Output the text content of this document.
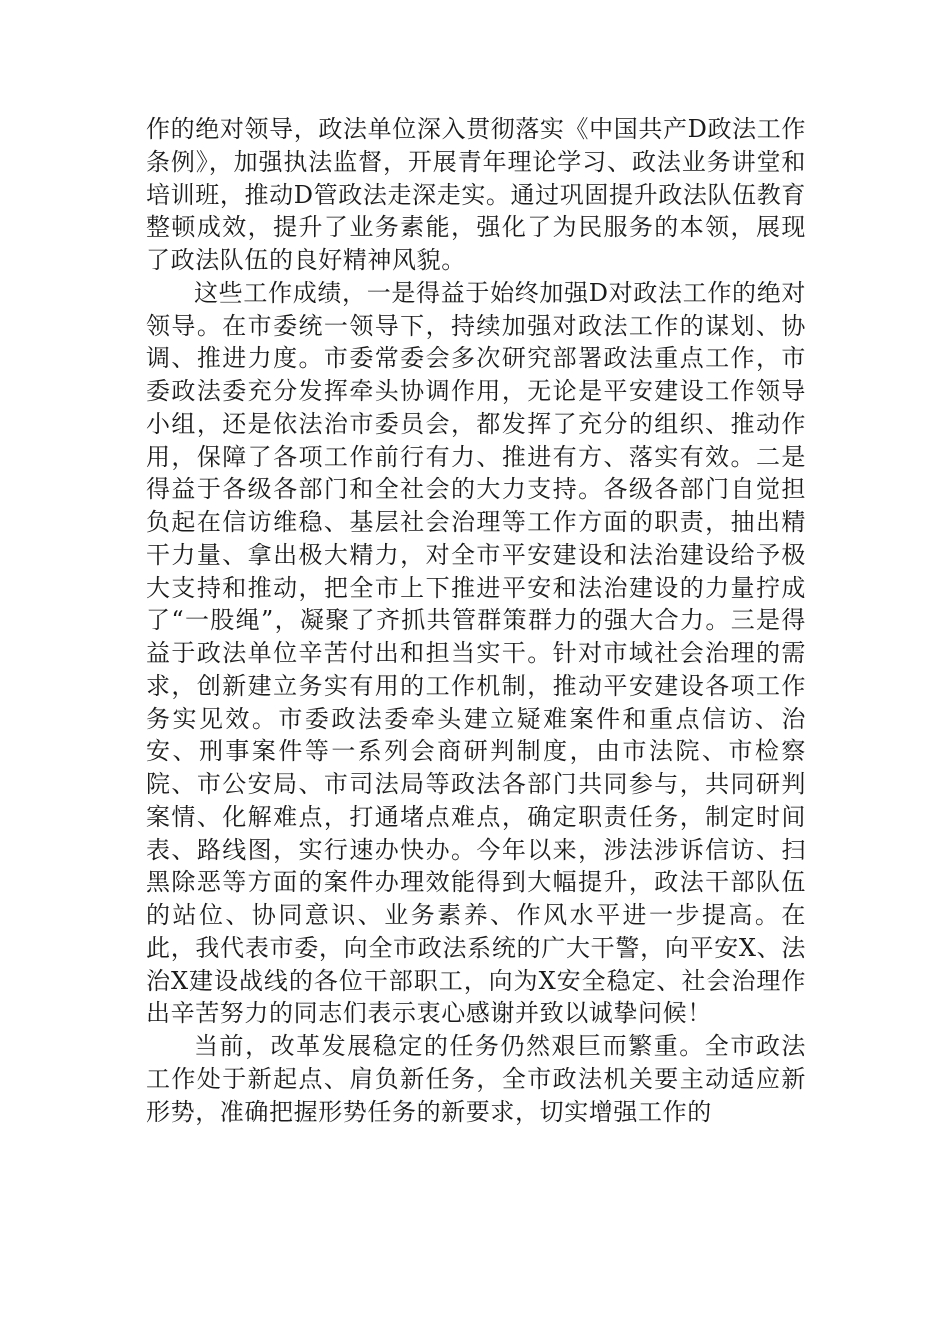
作的绝对领导，政法单位深入贯彻落实《中国共产D政法工作条例》，加强执法监督，开展青年理论学习、政法业务讲堂和培训班，推动D管政法走深走实。通过巩固提升政法队伍教育整顿成效，提升了业务素能，强化了为民服务的本领，展现了政法队伍的良好精神风貌。

这些工作成绩，一是得益于始终加强D对政法工作的绝对领导。在市委统一领导下，持续加强对政法工作的谋划、协调、推进力度。市委常委会多次研究部署政法重点工作，市委政法委充分发挥牵头协调作用，无论是平安建设工作领导小组，还是依法治市委员会，都发挥了充分的组织、推动作用，保障了各项工作前行有力、推进有方、落实有效。二是得益于各级各部门和全社会的大力支持。各级各部门自觉担负起在信访维稳、基层社会治理等工作方面的职责，抽出精干力量、拿出极大精力，对全市平安建设和法治建设给予极大支持和推动，把全市上下推进平安和法治建设的力量拧成了“一股绳”，凝聚了齐抓共管群策群力的强大合力。三是得益于政法单位辛苦付出和担当实干。针对市域社会治理的需求，创新建立务实有用的工作机制，推动平安建设各项工作务实见效。市委政法委牵头建立疑难案件和重点信访、治安、刑事案件等一系列会商研判制度，由市法院、市检察院、市公安局、市司法局等政法各部门共同参与，共同研判案情、化解难点，打通堵点难点，确定职责任务，制定时间表、路线图，实行速办快办。今年以来，涉法涉诉信访、扫黑除恶等方面的案件办理效能得到大幅提升，政法干部队伍的站位、协同意识、业务素养、作风水平进一步提高。在此，我代表市委，向全市政法系统的广大干警，向平安X、法治X建设战线的各位干部职工，向为X安全稳定、社会治理作出辛苦努力的同志们表示衷心感谢并致以诚挚问候！

当前，改革发展稳定的任务仍然艰巨而繁重。全市政法工作处于新起点、肩负新任务，全市政法机关要主动适应新形势，准确把握形势任务的新要求，切实增强工作的
